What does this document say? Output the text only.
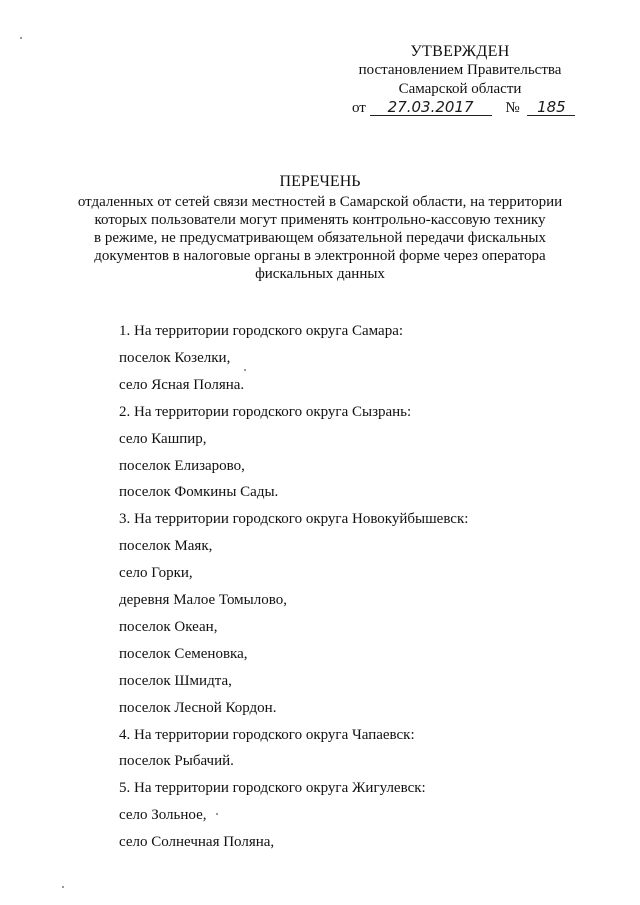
УТВЕРЖДЕН
постановлением Правительства
Самарской области
от 27.03.2017 № 185
ПЕРЕЧЕНЬ
отдаленных от сетей связи местностей в Самарской области, на территории
которых пользователи могут применять контрольно-кассовую технику
в режиме, не предусматривающем обязательной передачи фискальных
документов в налоговые органы в электронной форме через оператора
фискальных данных
1. На территории городского округа Самара:
поселок Козелки,
село Ясная Поляна.
2. На территории городского округа Сызрань:
село Кашпир,
поселок Елизарово,
поселок Фомкины Сады.
3. На территории городского округа Новокуйбышевск:
поселок Маяк,
село Горки,
деревня Малое Томылово,
поселок Океан,
поселок Семеновка,
поселок Шмидта,
поселок Лесной Кордон.
4. На территории городского округа Чапаевск:
поселок Рыбачий.
5. На территории городского округа Жигулевск:
село Зольное,
село Солнечная Поляна,
